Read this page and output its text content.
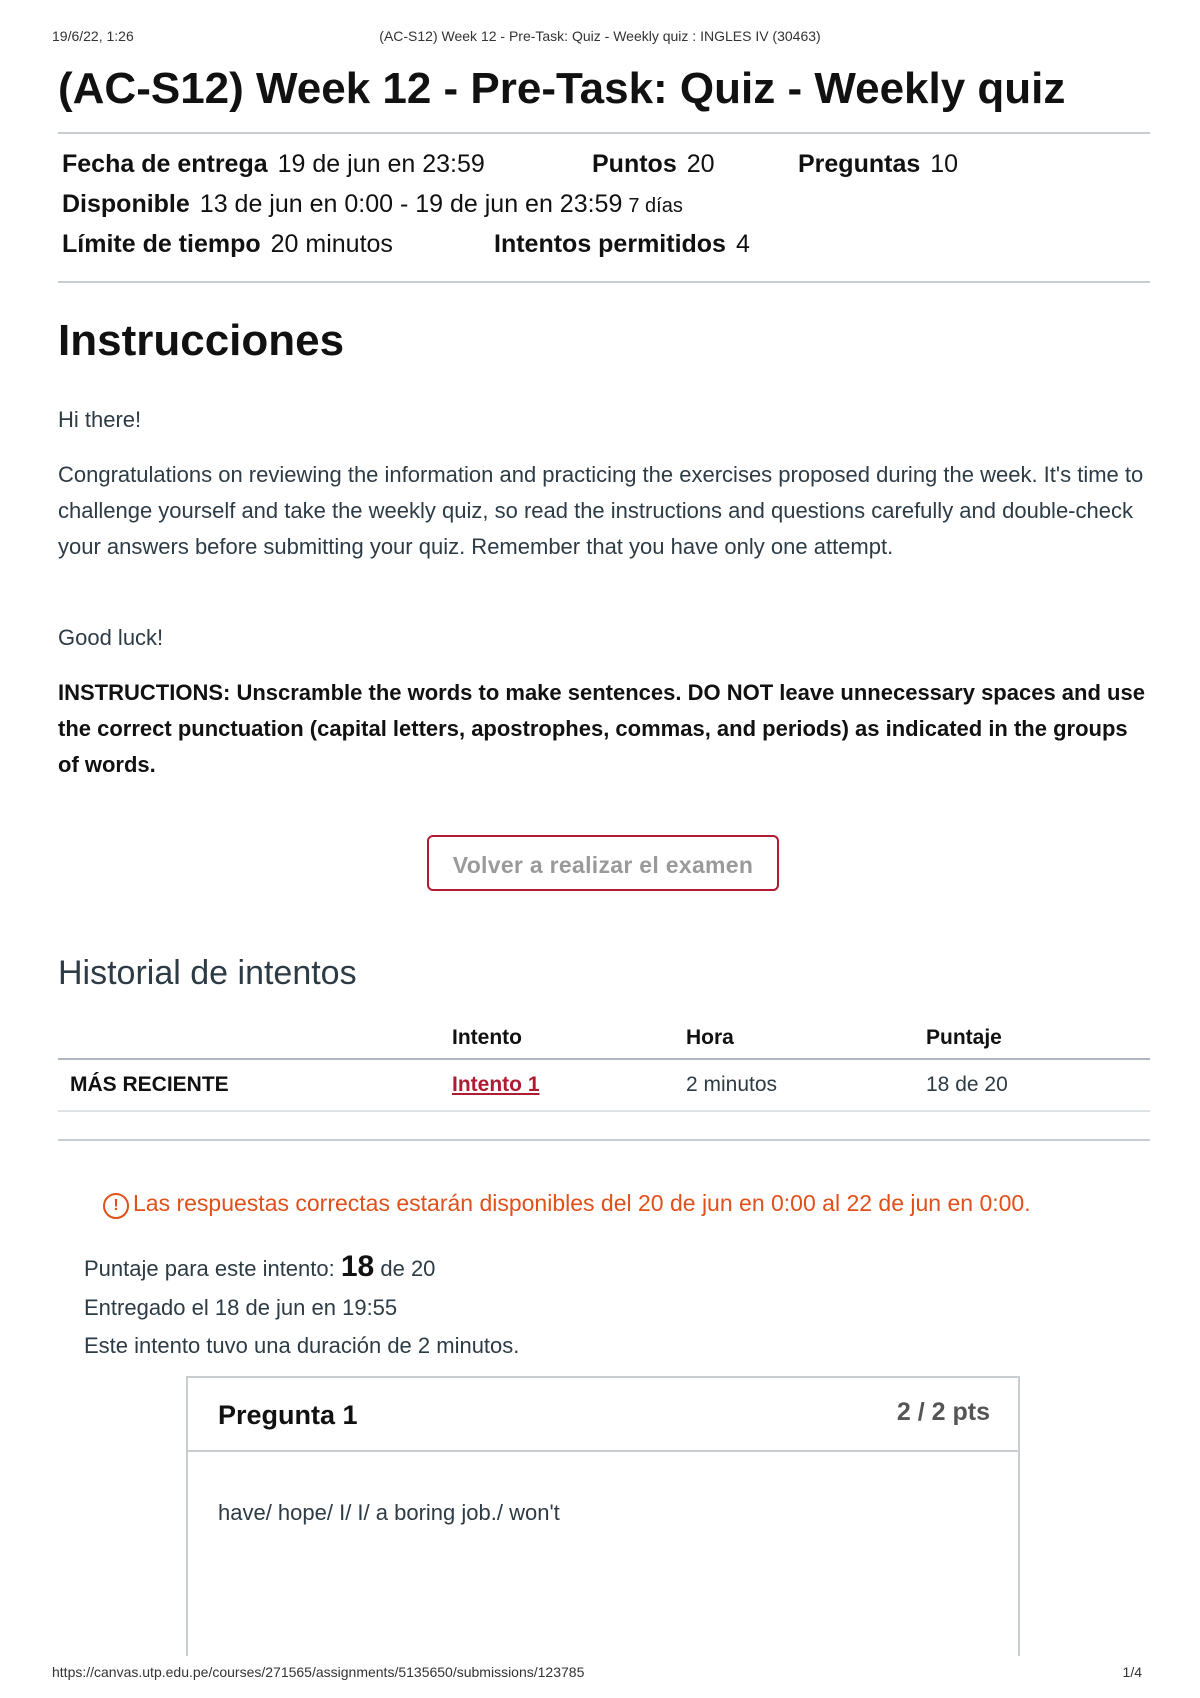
19/6/22, 1:26	(AC-S12) Week 12 - Pre-Task: Quiz - Weekly quiz : INGLES IV (30463)
(AC-S12) Week 12 - Pre-Task: Quiz - Weekly quiz
Fecha de entrega 19 de jun en 23:59	Puntos 20	Preguntas 10
Disponible 13 de jun en 0:00 - 19 de jun en 23:59 7 días
Límite de tiempo 20 minutos	Intentos permitidos 4
Instrucciones

Hi there!

Congratulations on reviewing the information and practicing the exercises proposed during the week. It's time to challenge yourself and take the weekly quiz, so read the instructions and questions carefully and double-check your answers before submitting your quiz. Remember that you have only one attempt.

Good luck!

INSTRUCTIONS: Unscramble the words to make sentences. DO NOT leave unnecessary spaces and use the correct punctuation (capital letters, apostrophes, commas, and periods) as indicated in the groups of words.

Volver a realizar el examen
Historial de intentos
	Intento	Hora	Puntaje
MÁS RECIENTE	Intento 1	2 minutos	18 de 20
! Las respuestas correctas estarán disponibles del 20 de jun en 0:00 al 22 de jun en 0:00.
Puntaje para este intento: 18 de 20
Entregado el 18 de jun en 19:55
Este intento tuvo una duración de 2 minutos.
Pregunta 1	2 / 2 pts
have/ hope/ I/ I/ a boring job./ won't
https://canvas.utp.edu.pe/courses/271565/assignments/5135650/submissions/123785	1/4
